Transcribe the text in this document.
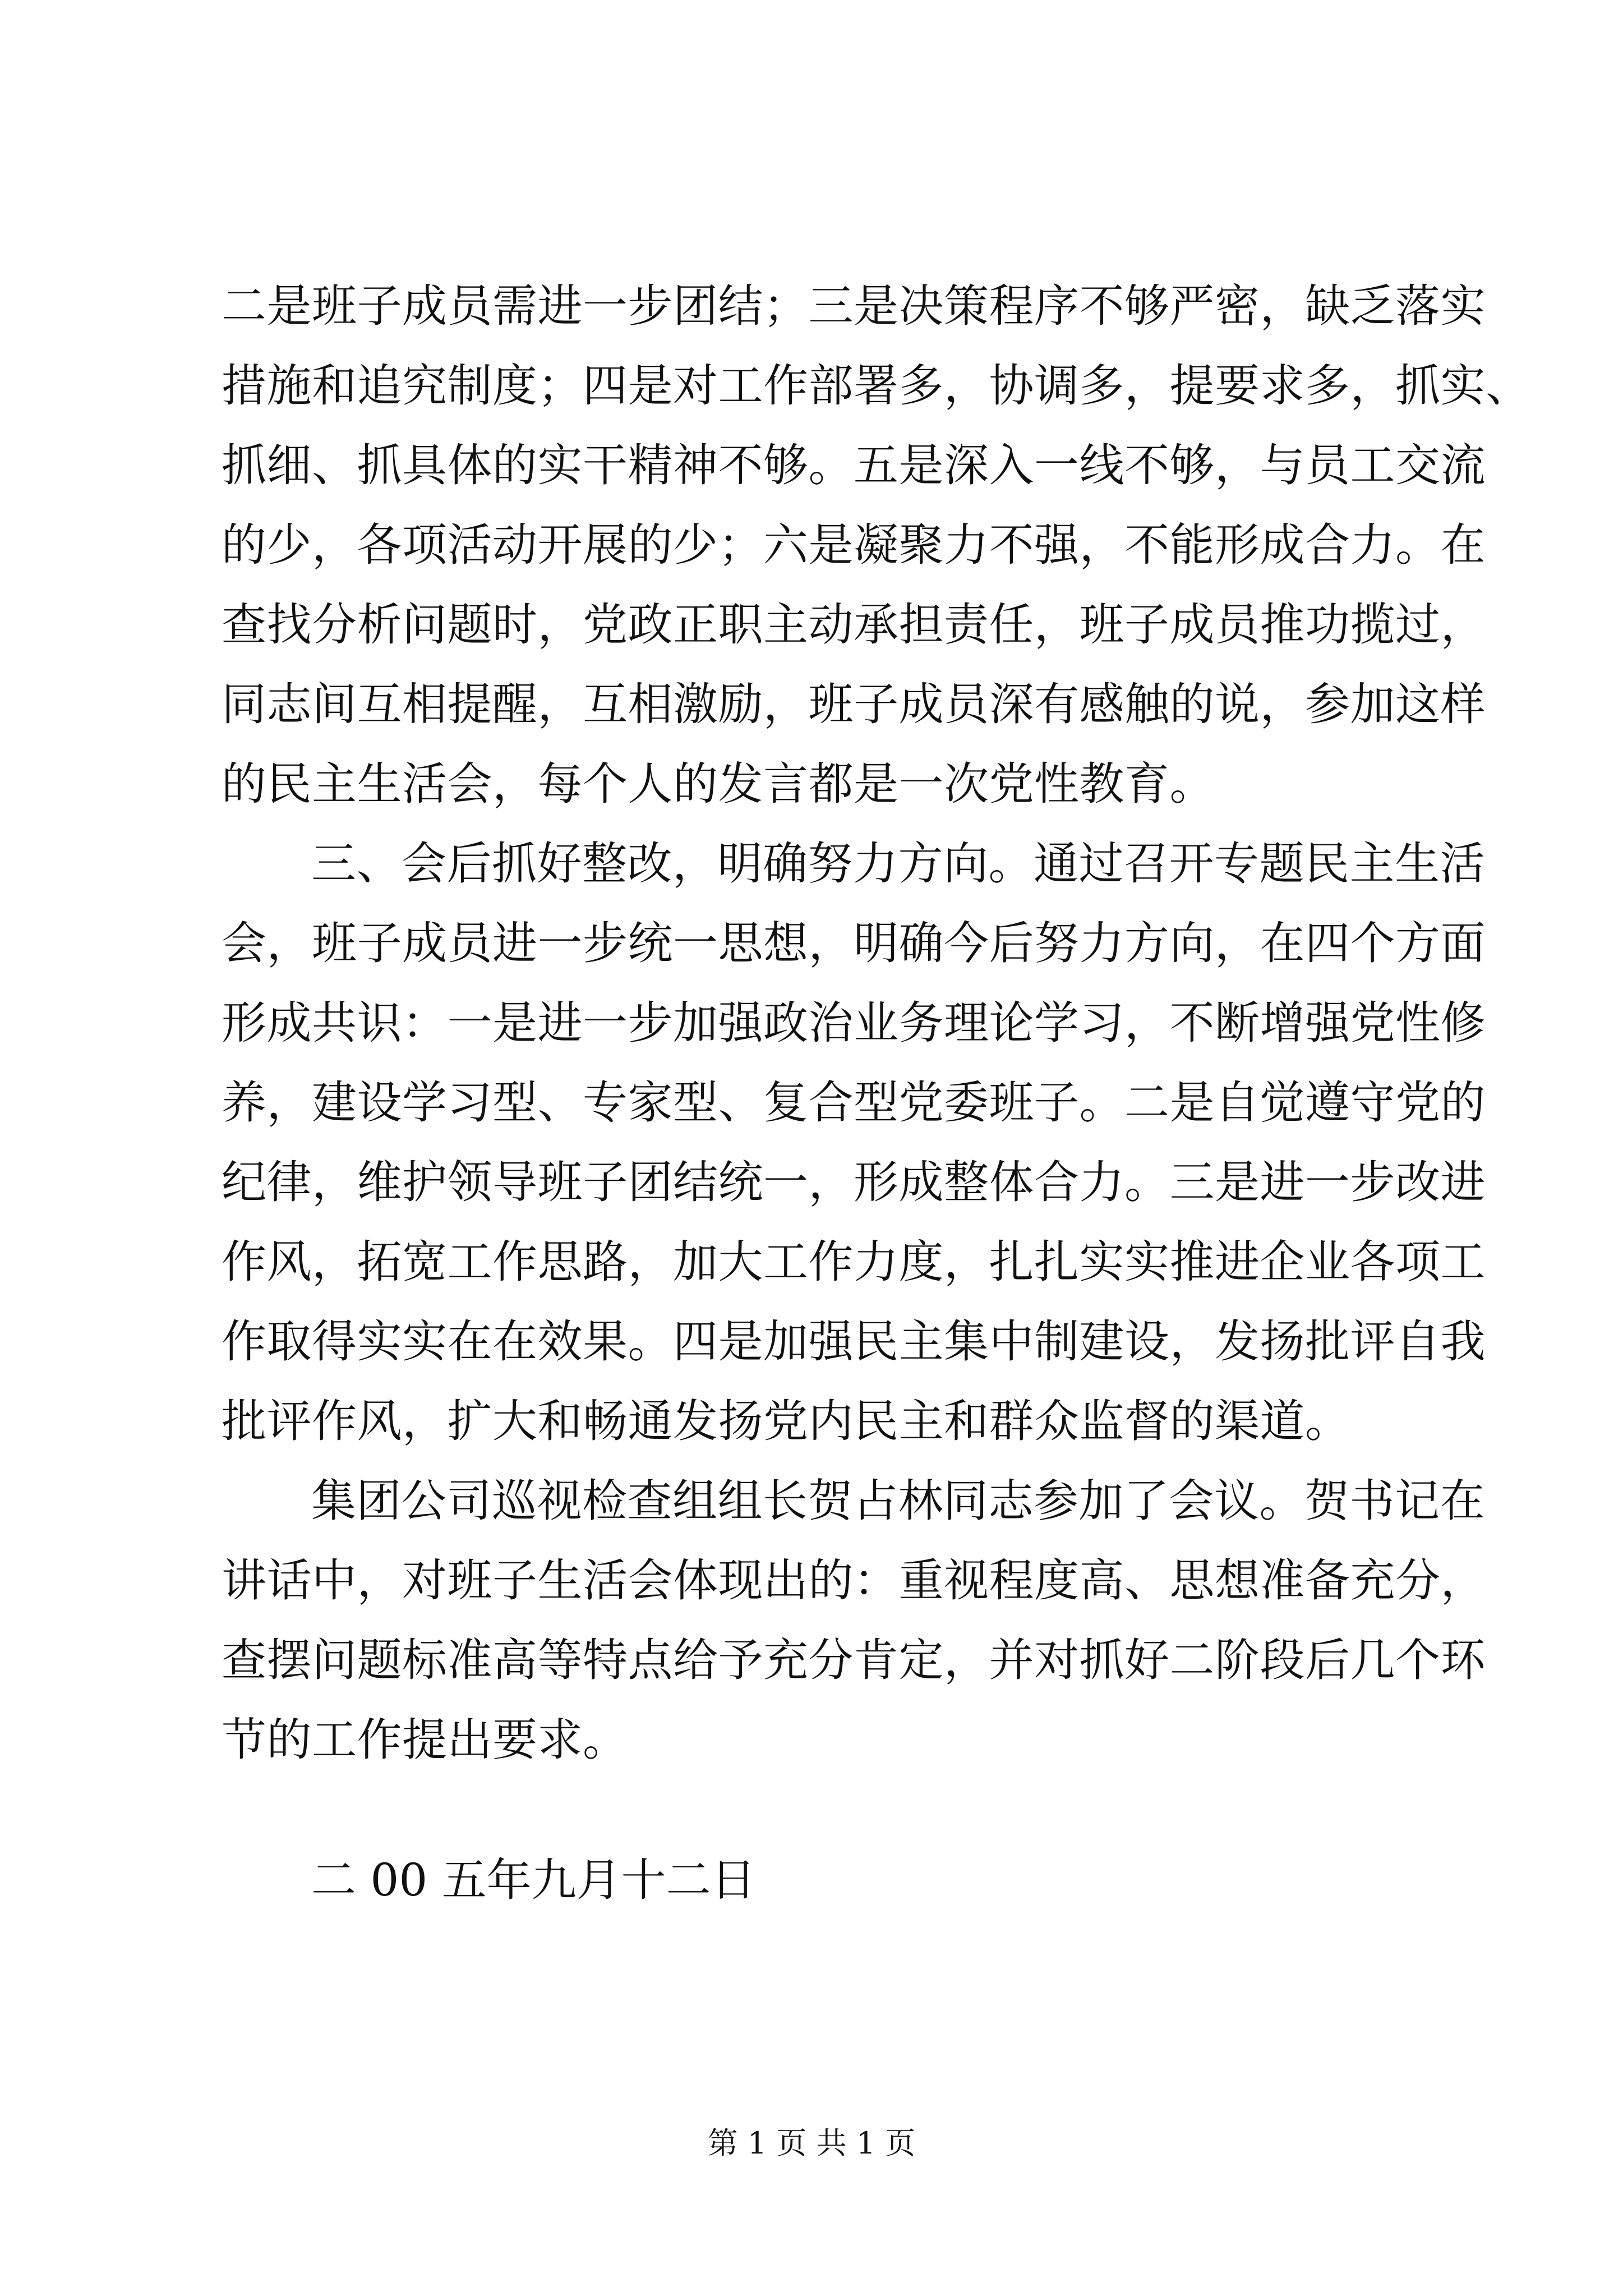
二是班子成员需进一步团结；三是决策程序不够严密，缺乏落实
措施和追究制度；四是对工作部署多，协调多，提要求多，抓实、
抓细、抓具体的实干精神不够。五是深入一线不够，与员工交流
的少，各项活动开展的少；六是凝聚力不强，不能形成合力。在
查找分析问题时，党政正职主动承担责任，班子成员推功揽过，
同志间互相提醒，互相激励，班子成员深有感触的说，参加这样
的民主生活会，每个人的发言都是一次党性教育。
三、会后抓好整改，明确努力方向。通过召开专题民主生活
会，班子成员进一步统一思想，明确今后努力方向，在四个方面
形成共识：一是进一步加强政治业务理论学习，不断增强党性修
养，建设学习型、专家型、复合型党委班子。二是自觉遵守党的
纪律，维护领导班子团结统一，形成整体合力。三是进一步改进
作风，拓宽工作思路，加大工作力度，扎扎实实推进企业各项工
作取得实实在在效果。四是加强民主集中制建设，发扬批评自我
批评作风，扩大和畅通发扬党内民主和群众监督的渠道。
集团公司巡视检查组组长贺占林同志参加了会议。贺书记在
讲话中，对班子生活会体现出的：重视程度高、思想准备充分，
查摆问题标准高等特点给予充分肯定，并对抓好二阶段后几个环
节的工作提出要求。
二 00 五年九月十二日
第 1 页 共 1 页
